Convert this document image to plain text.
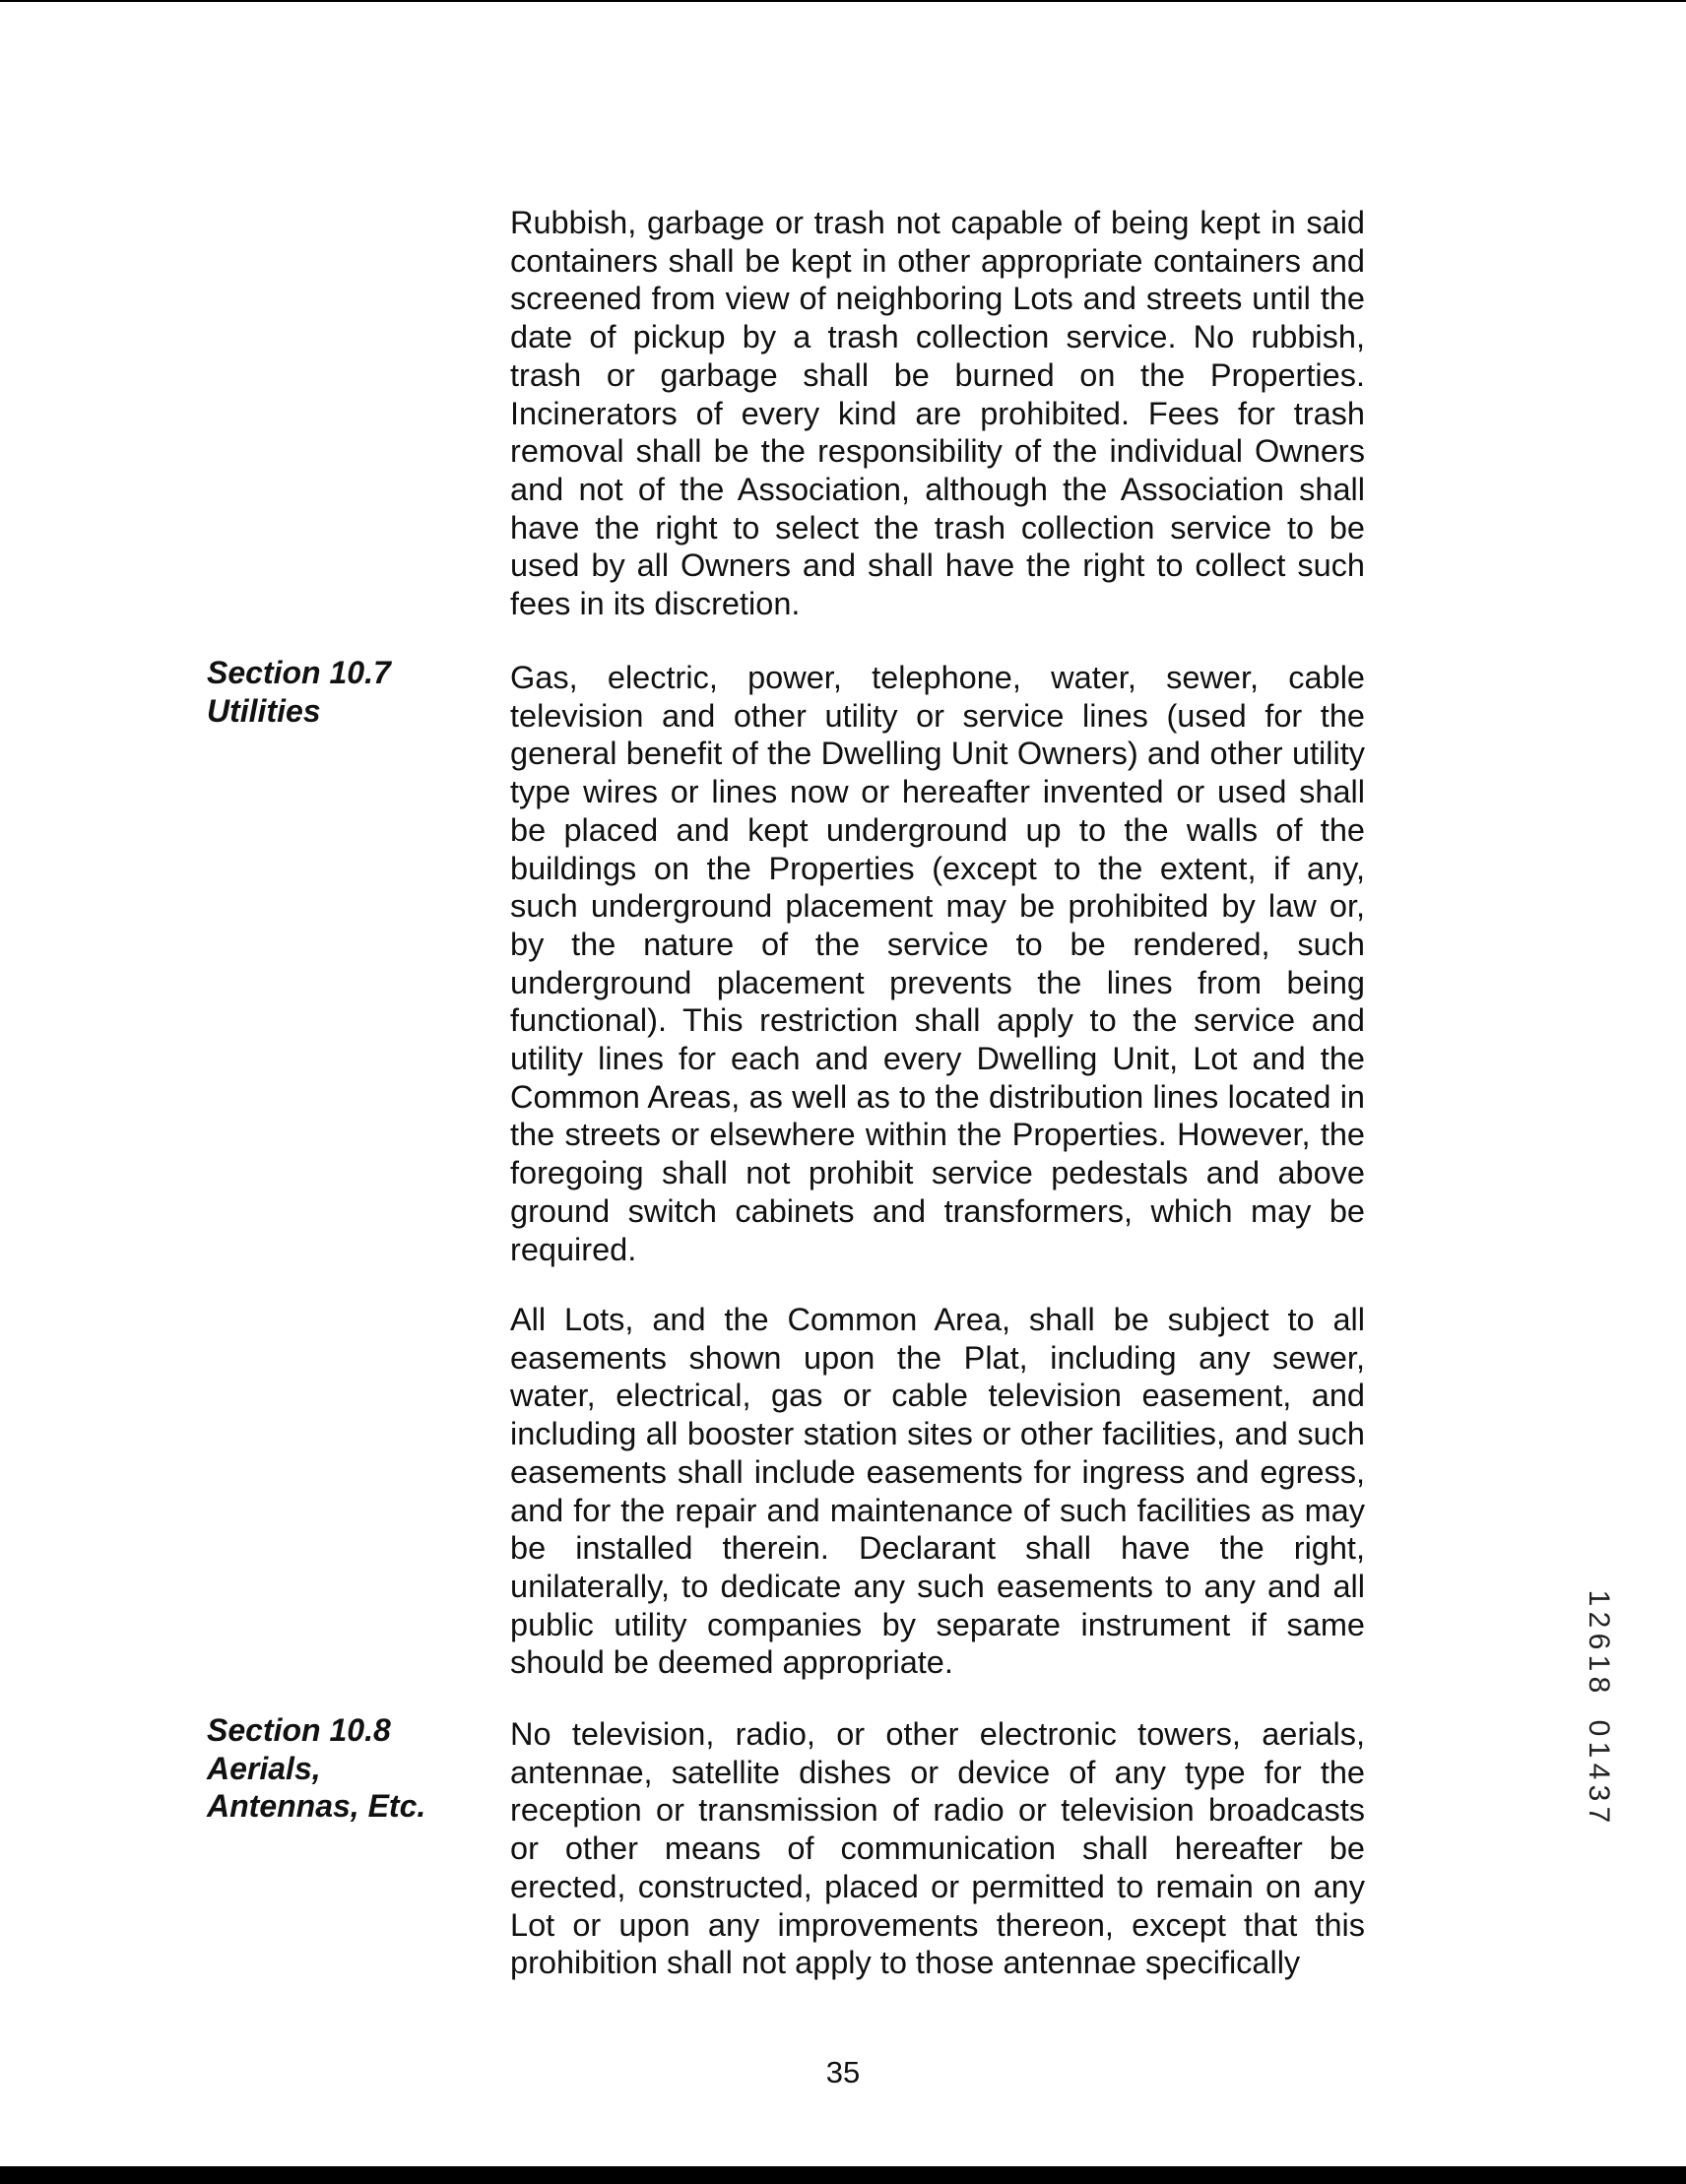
Rubbish, garbage or trash not capable of being kept in said containers shall be kept in other appropriate containers and screened from view of neighboring Lots and streets until the date of pickup by a trash collection service. No rubbish, trash or garbage shall be burned on the Properties. Incinerators of every kind are prohibited. Fees for trash removal shall be the responsibility of the individual Owners and not of the Association, although the Association shall have the right to select the trash collection service to be used by all Owners and shall have the right to collect such fees in its discretion.

Section 10.7
Utilities

Gas, electric, power, telephone, water, sewer, cable television and other utility or service lines (used for the general benefit of the Dwelling Unit Owners) and other utility type wires or lines now or hereafter invented or used shall be placed and kept underground up to the walls of the buildings on the Properties (except to the extent, if any, such underground placement may be prohibited by law or, by the nature of the service to be rendered, such underground placement prevents the lines from being functional). This restriction shall apply to the service and utility lines for each and every Dwelling Unit, Lot and the Common Areas, as well as to the distribution lines located in the streets or elsewhere within the Properties. However, the foregoing shall not prohibit service pedestals and above ground switch cabinets and transformers, which may be required.

All Lots, and the Common Area, shall be subject to all easements shown upon the Plat, including any sewer, water, electrical, gas or cable television easement, and including all booster station sites or other facilities, and such easements shall include easements for ingress and egress, and for the repair and maintenance of such facilities as may be installed therein. Declarant shall have the right, unilaterally, to dedicate any such easements to any and all public utility companies by separate instrument if same should be deemed appropriate.

Section 10.8
Aerials,
Antennas, Etc.

No television, radio, or other electronic towers, aerials, antennae, satellite dishes or device of any type for the reception or transmission of radio or television broadcasts or other means of communication shall hereafter be erected, constructed, placed or permitted to remain on any Lot or upon any improvements thereon, except that this prohibition shall not apply to those antennae specifically

1
2
6
1
8

0
1
4
3
7

35
